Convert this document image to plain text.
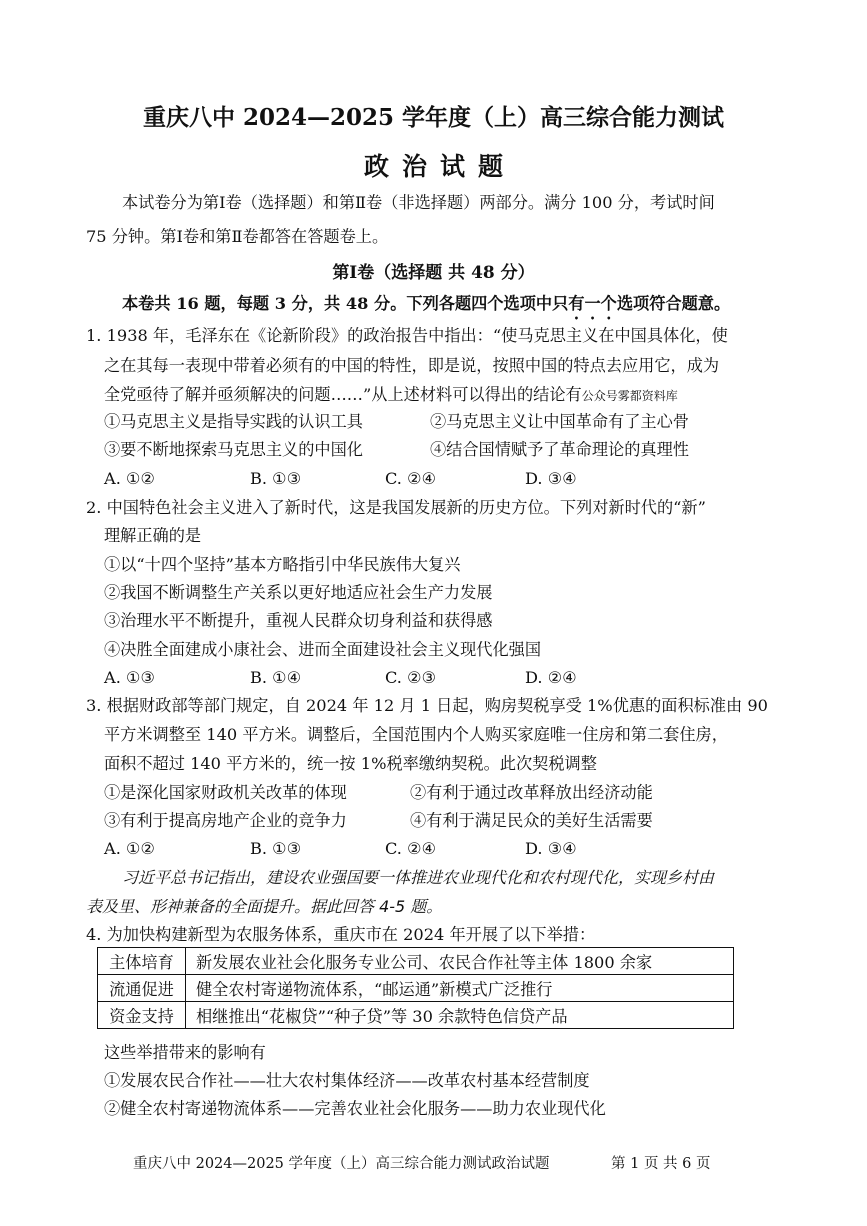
重庆八中 2024—2025 学年度（上）高三综合能力测试
政治试题
本试卷分为第Ⅰ卷（选择题）和第Ⅱ卷（非选择题）两部分。满分 100 分，考试时间
75 分钟。第Ⅰ卷和第Ⅱ卷都答在答题卷上。
第Ⅰ卷（选择题 共 48 分）
本卷共 16 题，每题 3 分，共 48 分。下列各题四个选项中只有一个选项符合题意。
1. 1938 年，毛泽东在《论新阶段》的政治报告中指出：“使马克思主义在中国具体化，使
之在其每一表现中带着必须有的中国的特性，即是说，按照中国的特点去应用它，成为
全党亟待了解并亟须解决的问题……”从上述材料可以得出的结论有公众号雾都资料库
①马克思主义是指导实践的认识工具	②马克思主义让中国革命有了主心骨
③要不断地探索马克思主义的中国化	④结合国情赋予了革命理论的真理性
A. ①②	B. ①③	C. ②④	D. ③④
2. 中国特色社会主义进入了新时代，这是我国发展新的历史方位。下列对新时代的“新”
理解正确的是
①以“十四个坚持”基本方略指引中华民族伟大复兴
②我国不断调整生产关系以更好地适应社会生产力发展
③治理水平不断提升，重视人民群众切身利益和获得感
④决胜全面建成小康社会、进而全面建设社会主义现代化强国
A. ①③	B. ①④	C. ②③	D. ②④
3. 根据财政部等部门规定，自 2024 年 12 月 1 日起，购房契税享受 1%优惠的面积标准由 90
平方米调整至 140 平方米。调整后，全国范围内个人购买家庭唯一住房和第二套住房，
面积不超过 140 平方米的，统一按 1%税率缴纳契税。此次契税调整
①是深化国家财政机关改革的体现	②有利于通过改革释放出经济动能
③有利于提高房地产企业的竞争力	④有利于满足民众的美好生活需要
A. ①②	B. ①③	C. ②④	D. ③④
习近平总书记指出，建设农业强国要一体推进农业现代化和农村现代化，实现乡村由
表及里、形神兼备的全面提升。据此回答 4-5 题。
4. 为加快构建新型为农服务体系，重庆市在 2024 年开展了以下举措：
主体培育	新发展农业社会化服务专业公司、农民合作社等主体 1800 余家
流通促进	健全农村寄递物流体系，“邮运通”新模式广泛推行
资金支持	相继推出“花椒贷”“种子贷”等 30 余款特色信贷产品
这些举措带来的影响有
①发展农民合作社——壮大农村集体经济——改革农村基本经营制度
②健全农村寄递物流体系——完善农业社会化服务——助力农业现代化
重庆八中 2024—2025 学年度（上）高三综合能力测试政治试题	第 1 页 共 6 页
